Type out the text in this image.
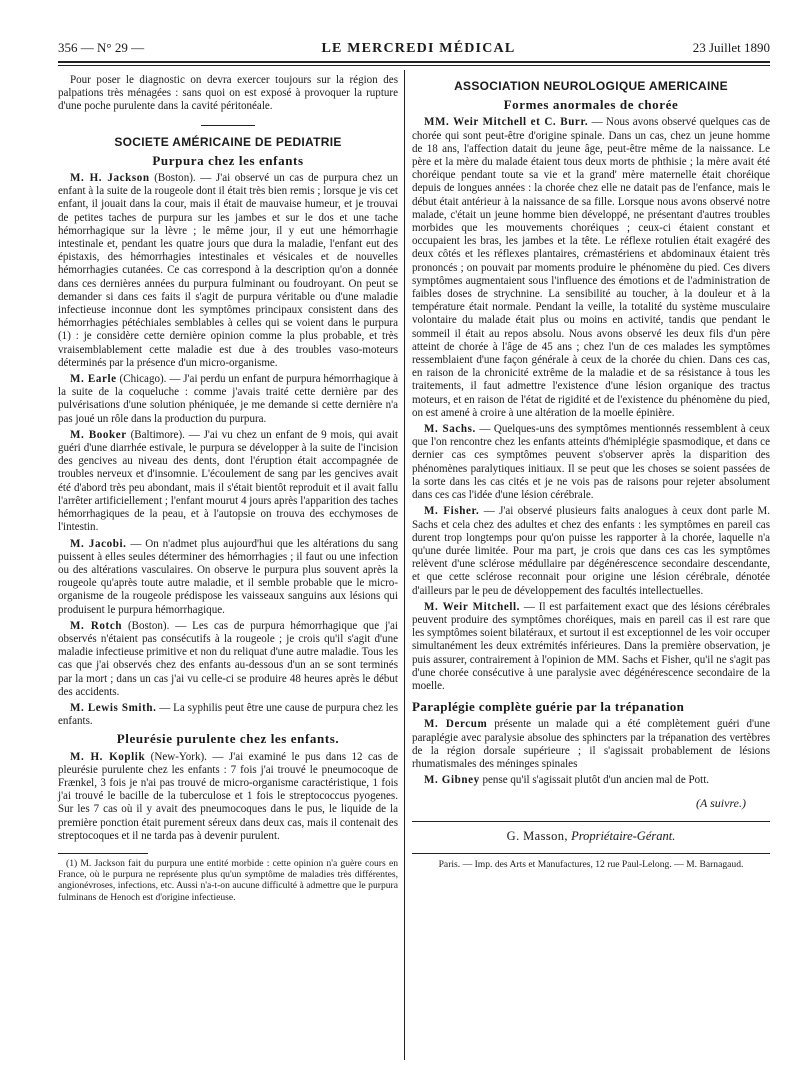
356 — N° 29 —	LE MERCREDI MÉDICAL	23 Juillet 1890

Pour poser le diagnostic on devra exercer toujours sur la région des palpations très ménagées : sans quoi on est exposé à provoquer la rupture d'une poche purulente dans la cavité péritonéale.

SOCIETE AMÉRICAINE DE PEDIATRIE

Purpura chez les enfants

M. H. Jackson (Boston). — J'ai observé un cas de purpura chez un enfant à la suite de la rougeole dont il était très bien remis ; lorsque je vis cet enfant, il jouait dans la cour, mais il était de mauvaise humeur, et je trouvai de petites taches de purpura sur les jambes et sur le dos et une tache hémorrhagique sur la lèvre ; le même jour, il y eut une hémorrhagie intestinale et, pendant les quatre jours que dura la maladie, l'enfant eut des épistaxis, des hémorrhagies intestinales et vésicales et de nouvelles hémorrhagies cutanées. Ce cas correspond à la description qu'on a donnée dans ces dernières années du purpura fulminant ou foudroyant. On peut se demander si dans ces faits il s'agit de purpura véritable ou d'une maladie infectieuse inconnue dont les symptômes principaux consistent dans des hémorrhagies pétéchiales semblables à celles qui se voient dans le purpura (1) : je considère cette dernière opinion comme la plus probable, et très vraisemblablement cette maladie est due à des troubles vaso-moteurs déterminés par la présence d'un micro-organisme.

M. Earle (Chicago). — J'ai perdu un enfant de purpura hémorrhagique à la suite de la coqueluche : comme j'avais traité cette dernière par des pulvérisations d'une solution phéniquée, je me demande si cette dernière n'a pas joué un rôle dans la production du purpura.

M. Booker (Baltimore). — J'ai vu chez un enfant de 9 mois, qui avait guéri d'une diarrhée estivale, le purpura se développer à la suite de l'incision des gencives au niveau des dents, dont l'éruption était accompagnée de troubles nerveux et d'insomnie. L'écoulement de sang par les gencives avait été d'abord très peu abondant, mais il s'était bientôt reproduit et il avait fallu l'arrêter artificiellement ; l'enfant mourut 4 jours après l'apparition des taches hémorrhagiques de la peau, et à l'autopsie on trouva des ecchymoses de l'intestin.

M. Jacobi. — On n'admet plus aujourd'hui que les altérations du sang puissent à elles seules déterminer des hémorrhagies ; il faut ou une infection ou des altérations vasculaires. On observe le purpura plus souvent après la rougeole qu'après toute autre maladie, et il semble probable que le micro-organisme de la rougeole prédispose les vaisseaux sanguins aux lésions qui produisent le purpura hémorrhagique.

M. Rotch (Boston). — Les cas de purpura hémorrhagique que j'ai observés n'étaient pas consécutifs à la rougeole ; je crois qu'il s'agit d'une maladie infectieuse primitive et non du reliquat d'une autre maladie. Tous les cas que j'ai observés chez des enfants au-dessous d'un an se sont terminés par la mort ; dans un cas j'ai vu celle-ci se produire 48 heures après le début des accidents.

M. Lewis Smith. — La syphilis peut être une cause de purpura chez les enfants.

Pleurésie purulente chez les enfants.

M. H. Koplik (New-York). — J'ai examiné le pus dans 12 cas de pleurésie purulente chez les enfants : 7 fois j'ai trouvé le pneumocoque de Frænkel, 3 fois je n'ai pas trouvé de micro-organisme caractéristique, 1 fois j'ai trouvé le bacille de la tuberculose et 1 fois le streptococcus pyogenes. Sur les 7 cas où il y avait des pneumocoques dans le pus, le liquide de la première ponction était purement séreux dans deux cas, mais il contenait des streptocoques et il ne tarda pas à devenir purulent.

(1) M. Jackson fait du purpura une entité morbide : cette opinion n'a guère cours en France, où le purpura ne représente plus qu'un symptôme de maladies très différentes, angionévroses, infections, etc. Aussi n'a-t-on aucune difficulté à admettre que le purpura fulminans de Henoch est d'origine infectieuse.

ASSOCIATION NEUROLOGIQUE AMERICAINE

Formes anormales de chorée

MM. Weir Mitchell et C. Burr. — Nous avons observé quelques cas de chorée qui sont peut-être d'origine spinale. Dans un cas, chez un jeune homme de 18 ans, l'affection datait du jeune âge, peut-être même de la naissance. Le père et la mère du malade étaient tous deux morts de phthisie ; la mère avait été choréique pendant toute sa vie et la grand' mère maternelle était choréique depuis de longues années : la chorée chez elle ne datait pas de l'enfance, mais le début était antérieur à la naissance de sa fille. Lorsque nous avons observé notre malade, c'était un jeune homme bien développé, ne présentant d'autres troubles morbides que les mouvements choréiques ; ceux-ci étaient constant et occupaient les bras, les jambes et la tête. Le réflexe rotulien était exagéré des deux côtés et les réflexes plantaires, crémastériens et abdominaux étaient très prononcés ; on pouvait par moments produire le phénomène du pied. Ces divers symptômes augmentaient sous l'influence des émotions et de l'administration de faibles doses de strychnine. La sensibilité au toucher, à la douleur et à la température était normale. Pendant la veille, la totalité du système musculaire volontaire du malade était plus ou moins en activité, tandis que pendant le sommeil il était au repos absolu. Nous avons observé les deux fils d'un père atteint de chorée à l'âge de 45 ans ; chez l'un de ces malades les symptômes ressemblaient d'une façon générale à ceux de la chorée du chien. Dans ces cas, en raison de la chronicité extrême de la maladie et de sa résistance à tous les traitements, il faut admettre l'existence d'une lésion organique des tractus moteurs, et en raison de l'état de rigidité et de l'existence du phénomène du pied, on est amené à croire à une altération de la moelle épinière.

M. Sachs. — Quelques-uns des symptômes mentionnés ressemblent à ceux que l'on rencontre chez les enfants atteints d'hémiplégie spasmodique, et dans ce dernier cas ces symptômes peuvent s'observer après la disparition des phénomènes paralytiques initiaux. Il se peut que les choses se soient passées de la sorte dans les cas cités et je ne vois pas de raisons pour rejeter absolument dans ces cas l'idée d'une lésion cérébrale.

M. Fisher. — J'ai observé plusieurs faits analogues à ceux dont parle M. Sachs et cela chez des adultes et chez des enfants : les symptômes en pareil cas durent trop longtemps pour qu'on puisse les rapporter à la chorée, laquelle n'a qu'une durée limitée. Pour ma part, je crois que dans ces cas les symptômes relèvent d'une sclérose médullaire par dégénérescence secondaire descendante, et que cette sclérose reconnait pour origine une lésion cérébrale, dénotée d'ailleurs par le peu de développement des facultés intellectuelles.

M. Weir Mitchell. — Il est parfaitement exact que des lésions cérébrales peuvent produire des symptômes choréiques, mais en pareil cas il est rare que les symptômes soient bilatéraux, et surtout il est exceptionnel de les voir occuper simultanément les deux extrémités inférieures. Dans la première observation, je puis assurer, contrairement à l'opinion de MM. Sachs et Fisher, qu'il ne s'agit pas d'une chorée consécutive à une paralysie avec dégénérescence secondaire de la moelle.

Paraplégie complète guérie par la trépanation

M. Dercum présente un malade qui a été complètement guéri d'une paraplégie avec paralysie absolue des sphincters par la trépanation des vertèbres de la région dorsale supérieure ; il s'agissait probablement de lésions rhumatismales des méninges spinales

M. Gibney pense qu'il s'agissait plutôt d'un ancien mal de Pott.

(A suivre.)

G. Masson, Propriétaire-Gérant.

Paris. — Imp. des Arts et Manufactures, 12 rue Paul-Lelong. — M. Barnagaud.
